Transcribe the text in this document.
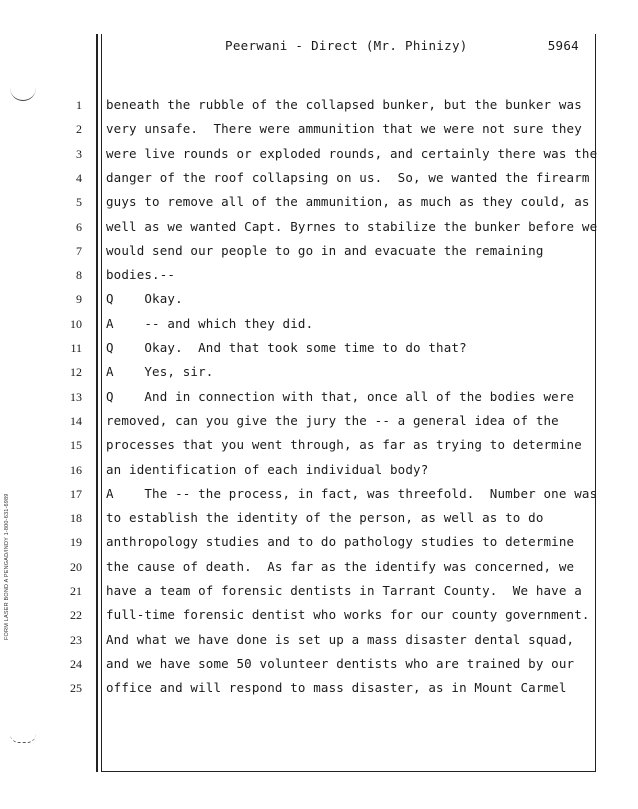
FORM LASER BOND A PENGAD/INDY 1-800-631-6989
Peerwani - Direct (Mr. Phinizy)	5964
1 beneath the rubble of the collapsed bunker, but the bunker was
2 very unsafe.  There were ammunition that we were not sure they
3 were live rounds or exploded rounds, and certainly there was the
4 danger of the roof collapsing on us.  So, we wanted the firearm
5 guys to remove all of the ammunition, as much as they could, as
6 well as we wanted Capt. Byrnes to stabilize the bunker before we
7 would send our people to go in and evacuate the remaining
8 bodies.--
9 Q    Okay.
10 A    -- and which they did.
11 Q    Okay.  And that took some time to do that?
12 A    Yes, sir.
13 Q    And in connection with that, once all of the bodies were
14 removed, can you give the jury the -- a general idea of the
15 processes that you went through, as far as trying to determine
16 an identification of each individual body?
17 A    The -- the process, in fact, was threefold.  Number one was
18 to establish the identity of the person, as well as to do
19 anthropology studies and to do pathology studies to determine
20 the cause of death.  As far as the identify was concerned, we
21 have a team of forensic dentists in Tarrant County.  We have a
22 full-time forensic dentist who works for our county government.
23 And what we have done is set up a mass disaster dental squad,
24 and we have some 50 volunteer dentists who are trained by our
25 office and will respond to mass disaster, as in Mount Carmel
